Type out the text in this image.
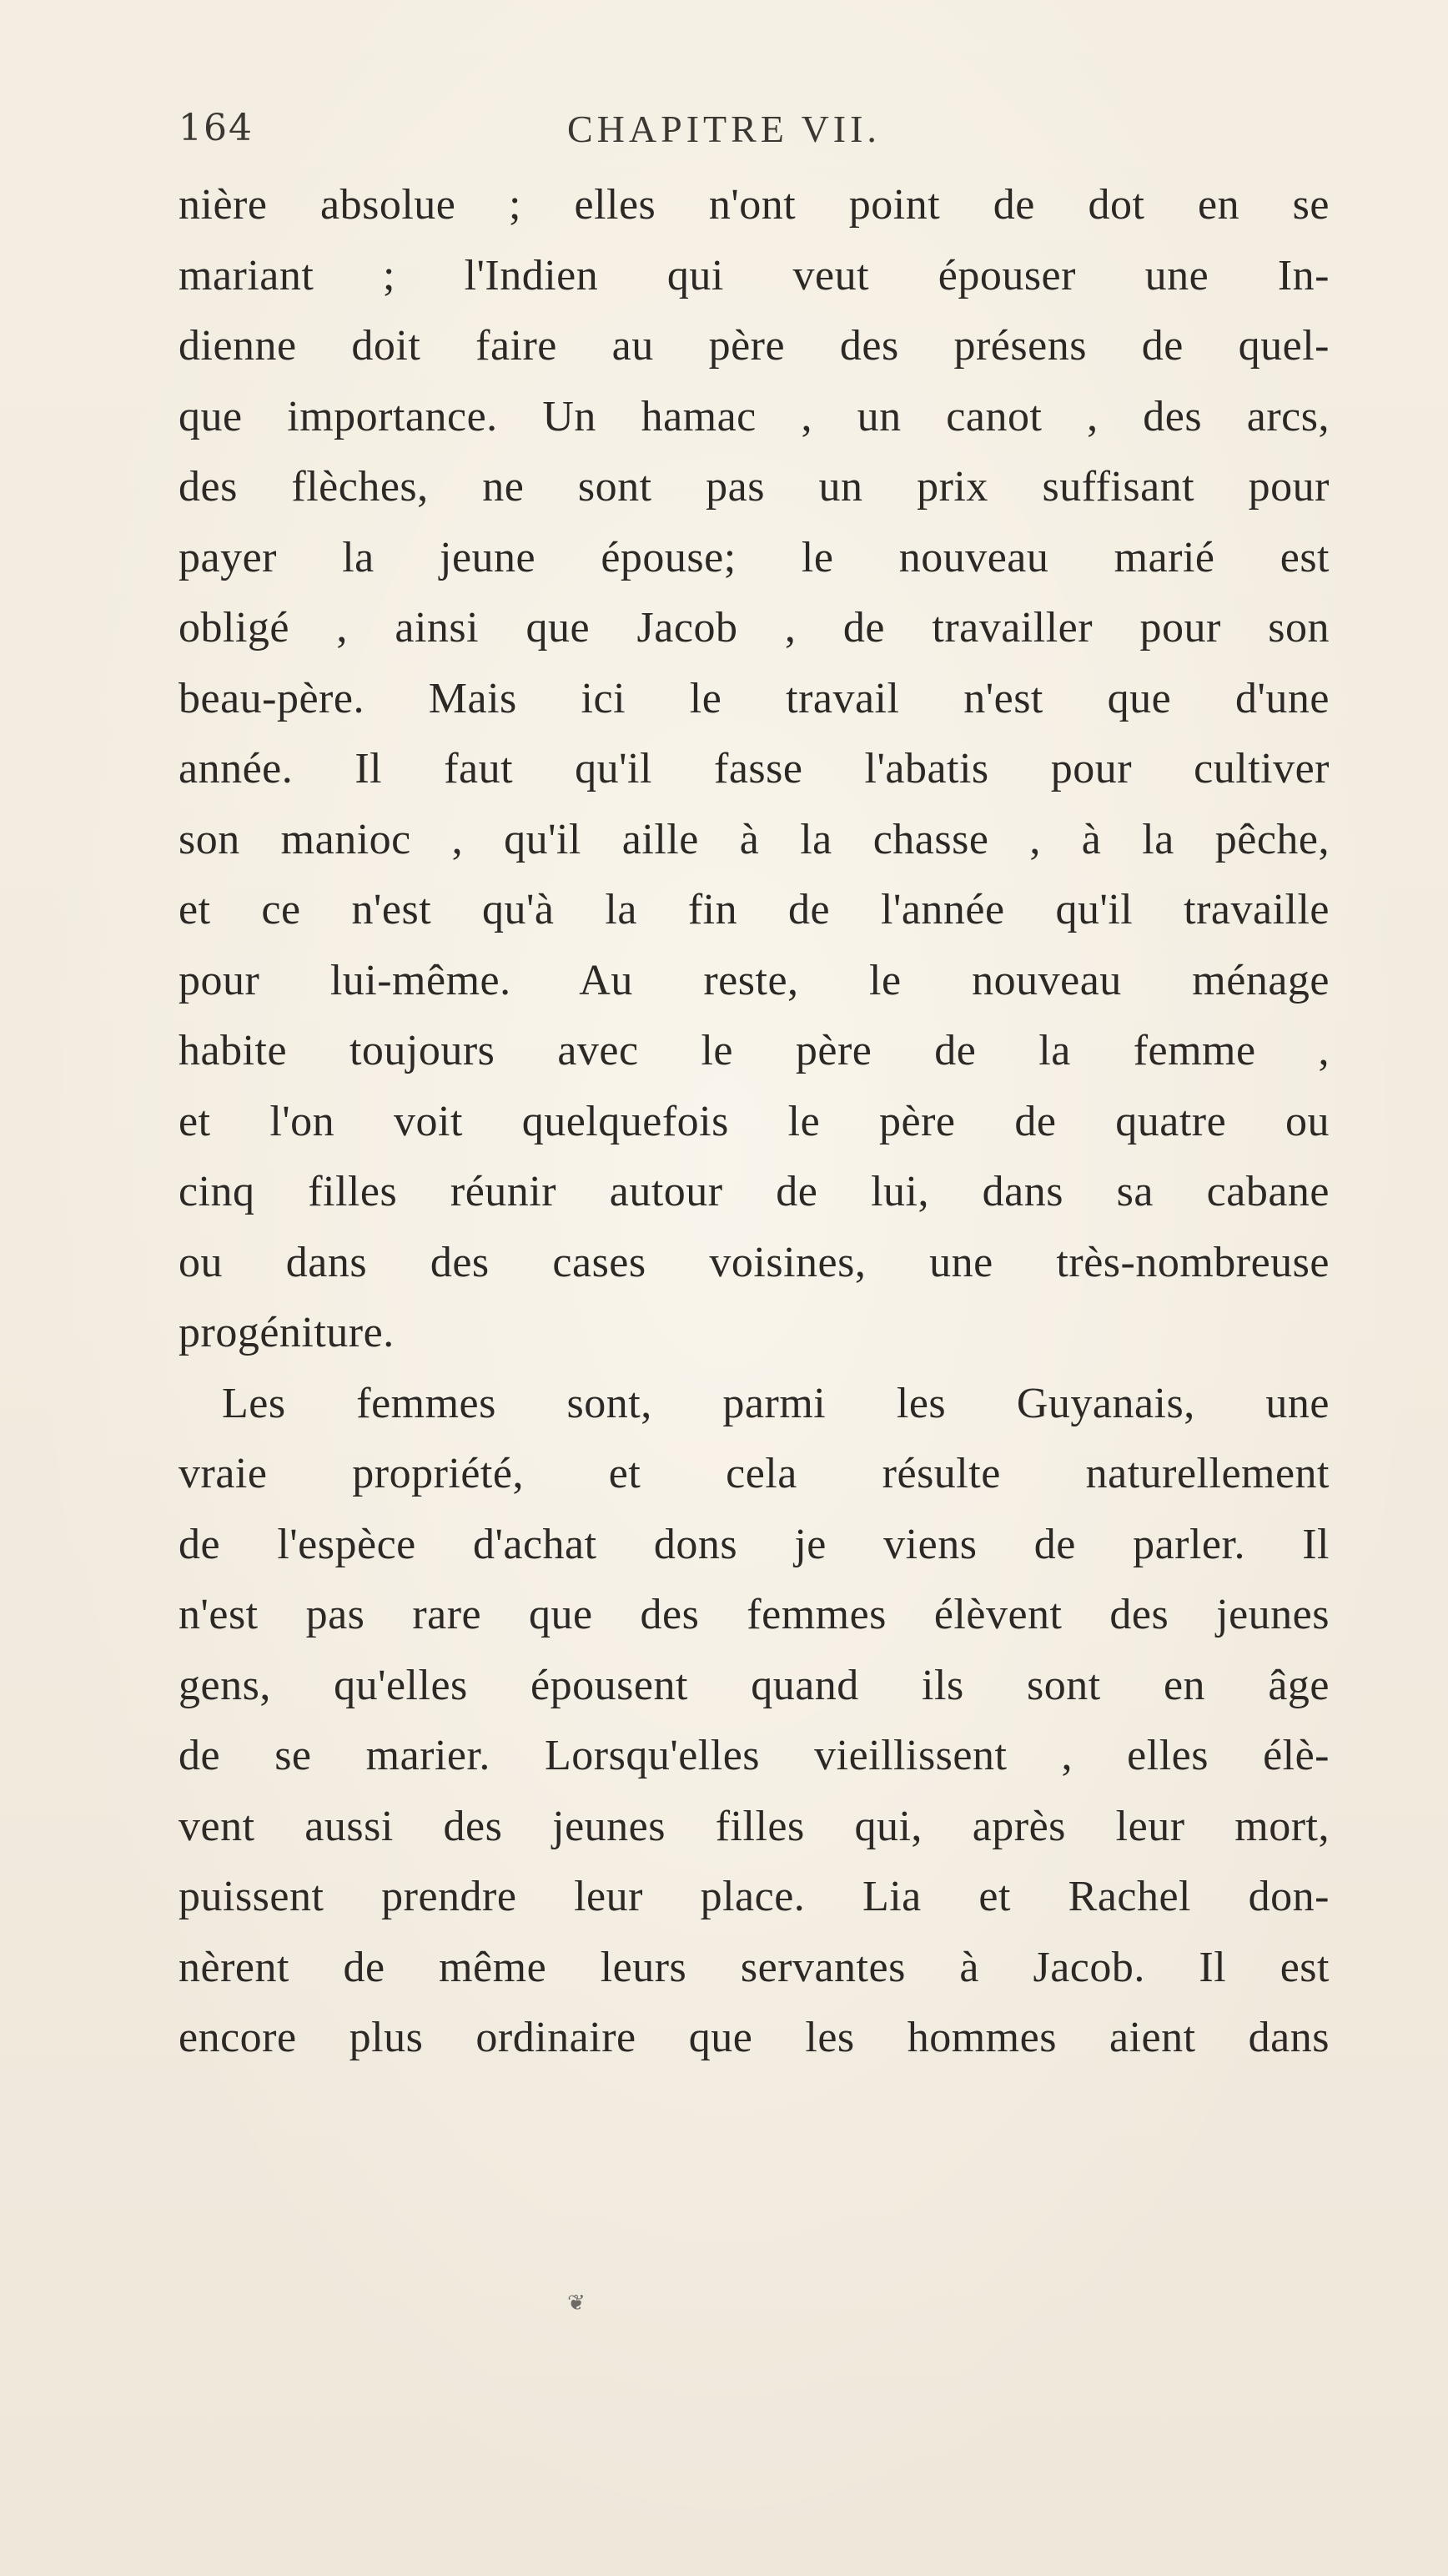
164	CHAPITRE VII.
nière absolue ; elles n'ont point de dot en se
mariant ; l'Indien qui veut épouser une In-
dienne doit faire au père des présens de quel-
que importance. Un hamac , un canot , des arcs,
des flèches, ne sont pas un prix suffisant pour
payer la jeune épouse; le nouveau marié est
obligé , ainsi que Jacob , de travailler pour son
beau-père. Mais ici le travail n'est que d'une
année. Il faut qu'il fasse l'abatis pour cultiver
son manioc , qu'il aille à la chasse , à la pêche,
et ce n'est qu'à la fin de l'année qu'il travaille
pour lui-même. Au reste, le nouveau ménage
habite toujours avec le père de la femme ,
et l'on voit quelquefois le père de quatre ou
cinq filles réunir autour de lui, dans sa cabane
ou dans des cases voisines, une très-nombreuse
progéniture.
Les femmes sont, parmi les Guyanais, une
vraie propriété, et cela résulte naturellement
de l'espèce d'achat dons je viens de parler. Il
n'est pas rare que des femmes élèvent des jeunes
gens, qu'elles épousent quand ils sont en âge
de se marier. Lorsqu'elles vieillissent , elles élè-
vent aussi des jeunes filles qui, après leur mort,
puissent prendre leur place. Lia et Rachel don-
nèrent de même leurs servantes à Jacob. Il est
encore plus ordinaire que les hommes aient dans
❦
